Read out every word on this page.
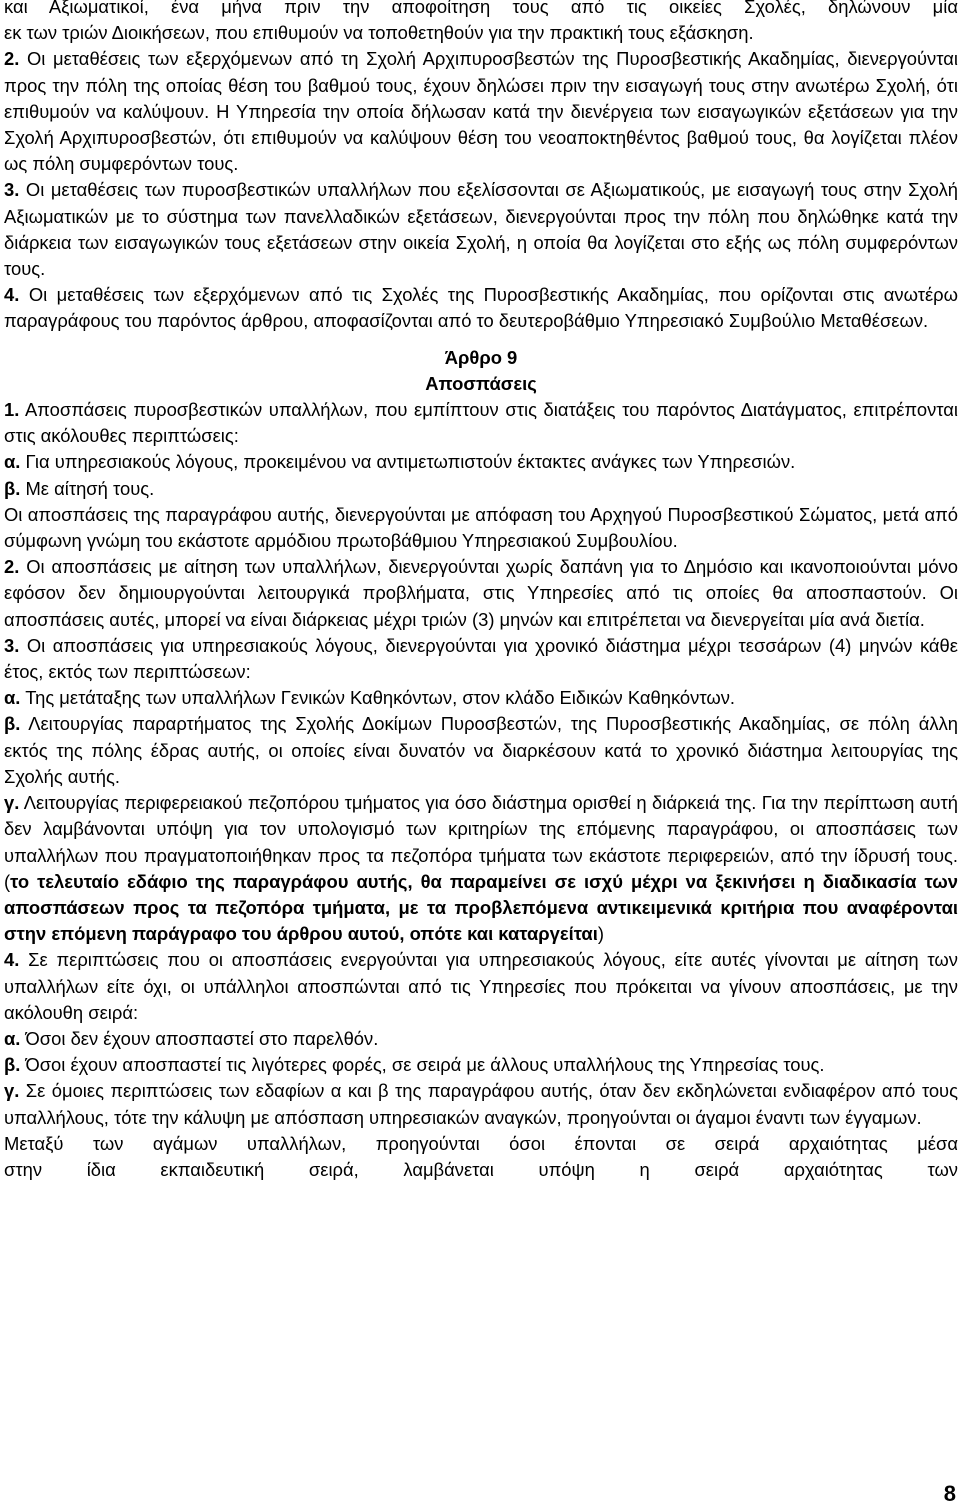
και Αξιωματικοί, ένα μήνα πριν την αποφοίτηση τους από τις οικείες Σχολές, δηλώνουν μία

εκ των τριών Διοικήσεων, που επιθυμούν να τοποθετηθούν για την πρακτική τους εξάσκηση.

2. Οι μεταθέσεις των εξερχόμενων από τη Σχολή Αρχιπυροσβεστών της Πυροσβεστικής Ακαδημίας, διενεργούνται προς την πόλη της οποίας θέση του βαθμού τους, έχουν δηλώσει πριν την εισαγωγή τους στην ανωτέρω Σχολή, ότι επιθυμούν να καλύψουν. Η Υπηρεσία την οποία δήλωσαν κατά την διενέργεια των εισαγωγικών εξετάσεων για την Σχολή Αρχιπυροσβεστών, ότι επιθυμούν να καλύψουν θέση του νεοαποκτηθέντος βαθμού τους, θα λογίζεται πλέον ως πόλη συμφερόντων τους.

3. Οι μεταθέσεις των πυροσβεστικών υπαλλήλων που εξελίσσονται σε Αξιωματικούς, με εισαγωγή τους στην Σχολή Αξιωματικών με το σύστημα των πανελλαδικών εξετάσεων, διενεργούνται προς την πόλη που δηλώθηκε κατά την διάρκεια των εισαγωγικών τους εξετάσεων στην οικεία Σχολή, η οποία θα λογίζεται στο εξής ως πόλη συμφερόντων τους.

4. Οι μεταθέσεις των εξερχόμενων από τις Σχολές της Πυροσβεστικής Ακαδημίας, που ορίζονται στις ανωτέρω παραγράφους του παρόντος άρθρου, αποφασίζονται από το δευτεροβάθμιο Υπηρεσιακό Συμβούλιο Μεταθέσεων.

Άρθρο 9

Αποσπάσεις

1. Αποσπάσεις πυροσβεστικών υπαλλήλων, που εμπίπτουν στις διατάξεις του παρόντος Διατάγματος, επιτρέπονται στις ακόλουθες περιπτώσεις:

α. Για υπηρεσιακούς λόγους, προκειμένου να αντιμετωπιστούν έκτακτες ανάγκες των Υπηρεσιών.

β. Με αίτησή τους.

Οι αποσπάσεις της παραγράφου αυτής, διενεργούνται με απόφαση του Αρχηγού Πυροσβεστικού Σώματος, μετά από σύμφωνη γνώμη του εκάστοτε αρμόδιου πρωτοβάθμιου Υπηρεσιακού Συμβουλίου.

2. Οι αποσπάσεις με αίτηση των υπαλλήλων, διενεργούνται χωρίς δαπάνη για το Δημόσιο και ικανοποιούνται μόνο εφόσον δεν δημιουργούνται λειτουργικά προβλήματα, στις Υπηρεσίες από τις οποίες θα αποσπαστούν. Οι αποσπάσεις αυτές, μπορεί να είναι διάρκειας μέχρι τριών (3) μηνών και επιτρέπεται να διενεργείται μία ανά διετία.

3. Οι αποσπάσεις για υπηρεσιακούς λόγους, διενεργούνται για χρονικό διάστημα μέχρι τεσσάρων (4) μηνών κάθε έτος, εκτός των περιπτώσεων:

α. Της μετάταξης των υπαλλήλων Γενικών Καθηκόντων, στον κλάδο Ειδικών Καθηκόντων.

β. Λειτουργίας παραρτήματος της Σχολής Δοκίμων Πυροσβεστών, της Πυροσβεστικής Ακαδημίας, σε πόλη άλλη εκτός της πόλης έδρας αυτής, οι οποίες είναι δυνατόν να διαρκέσουν κατά το χρονικό διάστημα λειτουργίας της Σχολής αυτής.

γ. Λειτουργίας περιφερειακού πεζοπόρου τμήματος για όσο διάστημα ορισθεί η διάρκειά της. Για την περίπτωση αυτή δεν λαμβάνονται υπόψη για τον υπολογισμό των κριτηρίων της επόμενης παραγράφου, οι αποσπάσεις των υπαλλήλων που πραγματοποιήθηκαν προς τα πεζοπόρα τμήματα των εκάστοτε περιφερειών, από την ίδρυσή τους. (το τελευταίο εδάφιο της παραγράφου αυτής, θα παραμείνει σε ισχύ μέχρι να ξεκινήσει η διαδικασία των αποσπάσεων προς τα πεζοπόρα τμήματα, με τα προβλεπόμενα αντικειμενικά κριτήρια που αναφέρονται στην επόμενη παράγραφο του άρθρου αυτού, οπότε και καταργείται)

4. Σε περιπτώσεις που οι αποσπάσεις ενεργούνται για υπηρεσιακούς λόγους, είτε αυτές γίνονται με αίτηση των υπαλλήλων είτε όχι, οι υπάλληλοι αποσπώνται από τις Υπηρεσίες που πρόκειται να γίνουν αποσπάσεις, με την ακόλουθη σειρά:

α. Όσοι δεν έχουν αποσπαστεί στο παρελθόν.

β. Όσοι έχουν αποσπαστεί τις λιγότερες φορές, σε σειρά με άλλους υπαλλήλους της Υπηρεσίας τους.

γ. Σε όμοιες περιπτώσεις των εδαφίων α και β της παραγράφου αυτής, όταν δεν εκδηλώνεται ενδιαφέρον από τους υπαλλήλους, τότε την κάλυψη με απόσπαση υπηρεσιακών αναγκών, προηγούνται οι άγαμοι έναντι των έγγαμων.

Μεταξύ των αγάμων υπαλλήλων, προηγούνται όσοι έπονται σε σειρά αρχαιότητας μέσα

στην ίδια εκπαιδευτική σειρά, λαμβάνεται υπόψη η σειρά αρχαιότητας των

8
